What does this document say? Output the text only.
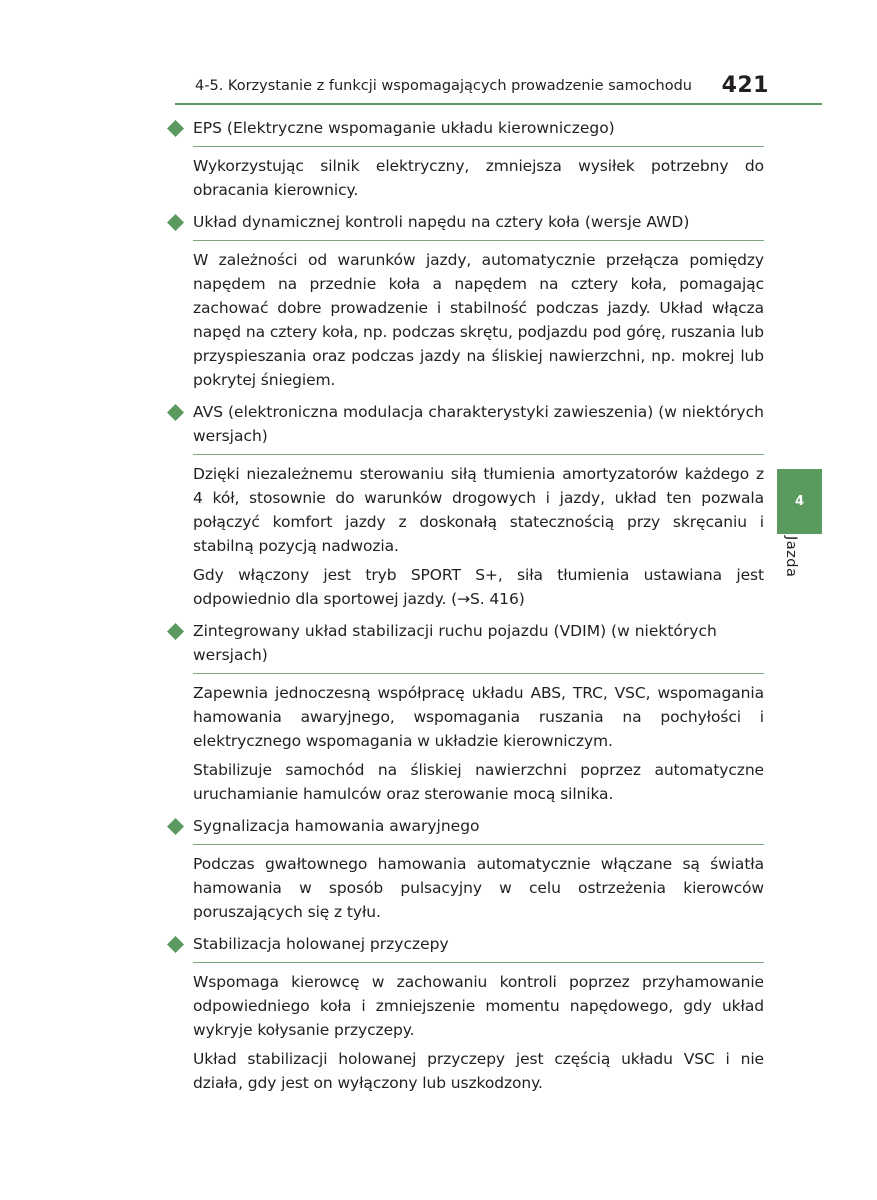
4-5. Korzystanie z funkcji wspomagających prowadzenie samochodu 421
EPS (Elektryczne wspomaganie układu kierowniczego)

Wykorzystując silnik elektryczny, zmniejsza wysiłek potrzebny do obracania kierownicy.

Układ dynamicznej kontroli napędu na cztery koła (wersje AWD)

W zależności od warunków jazdy, automatycznie przełącza pomiędzy napędem na przednie koła a napędem na cztery koła, pomagając zachować dobre prowadzenie i stabilność podczas jazdy. Układ włącza napęd na cztery koła, np. podczas skrętu, podjazdu pod górę, ruszania lub przyspieszania oraz podczas jazdy na śliskiej nawierzchni, np. mokrej lub pokrytej śniegiem.

AVS (elektroniczna modulacja charakterystyki zawieszenia) (w niektórych wersjach)

Dzięki niezależnemu sterowaniu siłą tłumienia amortyzatorów każdego z 4 kół, stosownie do warunków drogowych i jazdy, układ ten pozwala połączyć komfort jazdy z doskonałą statecznością przy skręcaniu i stabilną pozycją nadwozia.

Gdy włączony jest tryb SPORT S+, siła tłumienia ustawiana jest odpowiednio dla sportowej jazdy. (→S. 416)

Zintegrowany układ stabilizacji ruchu pojazdu (VDIM) (w niektórych wersjach)

Zapewnia jednoczesną współpracę układu ABS, TRC, VSC, wspomagania hamowania awaryjnego, wspomagania ruszania na pochyłości i elektrycznego wspomagania w układzie kierowniczym.

Stabilizuje samochód na śliskiej nawierzchni poprzez automatyczne uruchamianie hamulców oraz sterowanie mocą silnika.

Sygnalizacja hamowania awaryjnego

Podczas gwałtownego hamowania automatycznie włączane są światła hamowania w sposób pulsacyjny w celu ostrzeżenia kierowców poruszających się z tyłu.

Stabilizacja holowanej przyczepy

Wspomaga kierowcę w zachowaniu kontroli poprzez przyhamowanie odpowiedniego koła i zmniejszenie momentu napędowego, gdy układ wykryje kołysanie przyczepy.

Układ stabilizacji holowanej przyczepy jest częścią układu VSC i nie działa, gdy jest on wyłączony lub uszkodzony.

4
Jazda
